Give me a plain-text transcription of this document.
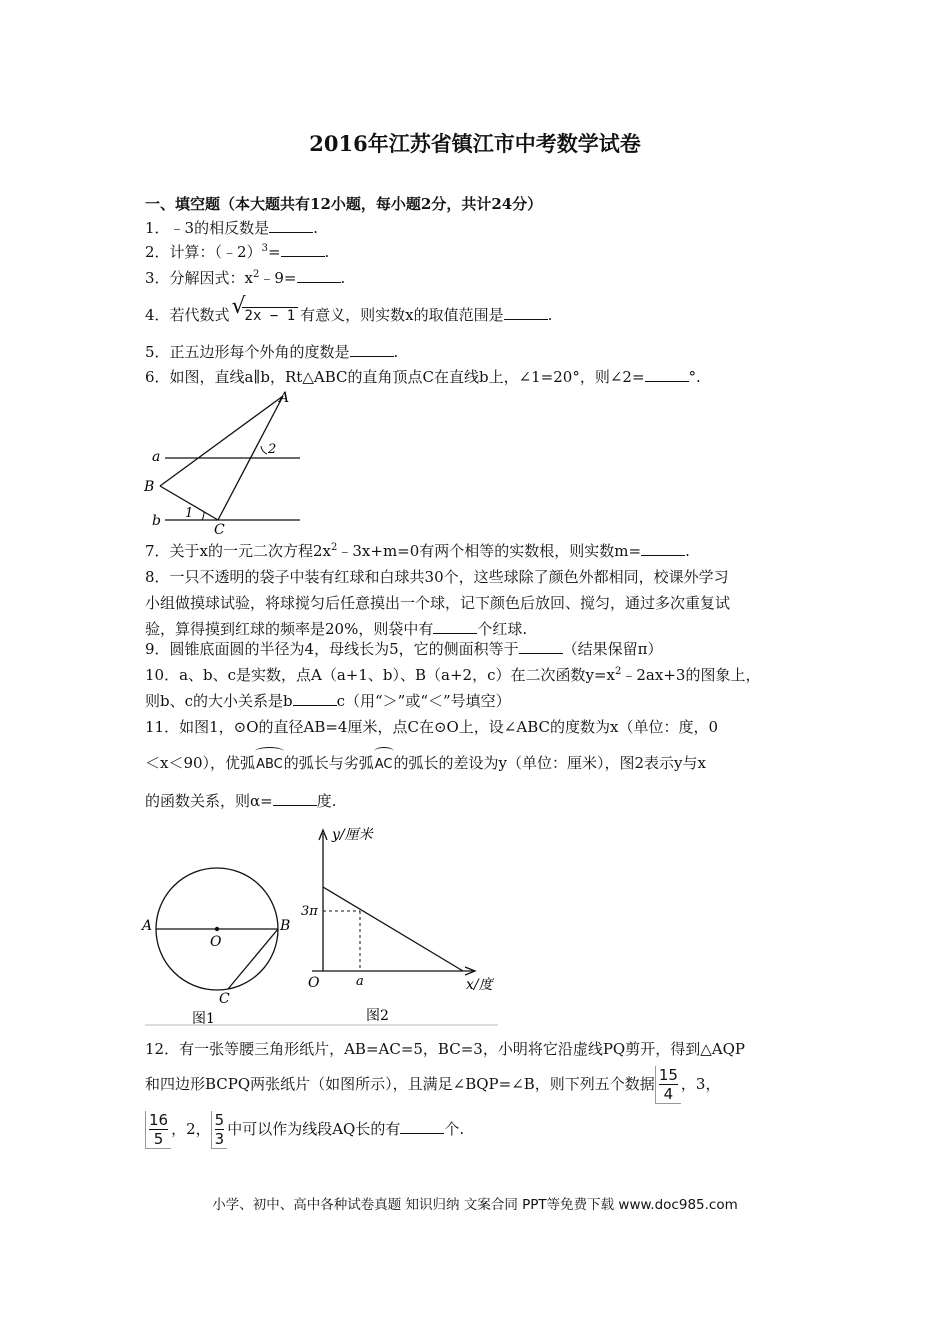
2016年江苏省镇江市中考数学试卷
一、填空题（本大题共有12小题，每小题2分，共计24分）
1．﹣3的相反数是	.
2．计算：（﹣2）$^3$=	.
3．分解因式：$x^2﹣9=$	.
4．若代数式 √
2x − 1 有意义，则实数x的取值范围是	.
5．正五边形每个外角的度数是	.
6．如图，直线a∥b，Rt△ABC的直角顶点C在直线b上，∠1=20°，则∠2=	°.
A
B
C
a
b 1
2
7．关于x的一元二次方程$2x^2﹣3x+m=0$有两个相等的实数根，则实数m=	.
8．一只不透明的袋子中装有红球和白球共30个，这些球除了颜色外都相同，校课外学习
小组做摸球试验，将球搅匀后任意摸出一个球，记下颜色后放回、搅匀，通过多次重复试
验，算得摸到红球的频率是20%，则袋中有	个红球.
9．圆锥底面圆的半径为4，母线长为5，它的侧面积等于	（结果保留π）
10．a、b、c是实数，点A（a+1、b）、B（a+2，c）在二次函数$y=x^2﹣2ax+3$的图象上，
则b、c的大小关系是b	c（用“＞”或“＜”号填空）
11．如图1，⊙O的直径AB=4厘米，点C在⊙O上，设∠ABC的度数为x（单位：度，0
＜x＜90），优弧ABC的弧长与劣弧AC的弧长的差设为y（单位：厘米），图2表示y与x
的函数关系，则α=	度.
A	B
O
C
图1
y/厘米
x/度
O
3π
a
图2
12．有一张等腰三角形纸片，AB=AC=5，BC=3，小明将它沿虚线PQ剪开，得到△AQP
和四边形BCPQ两张纸片（如图所示），且满足∠BQP=∠B，则下列五个数据 $\frac{15}{4}$ ，3，
$\frac{16}{5}$ ，2， $\frac{5}{3}$ 中可以作为线段AQ长的有	个.
小学、初中、高中各种试卷真题 知识归纳 文案合同 PPT等免费下载 www.doc985.com
